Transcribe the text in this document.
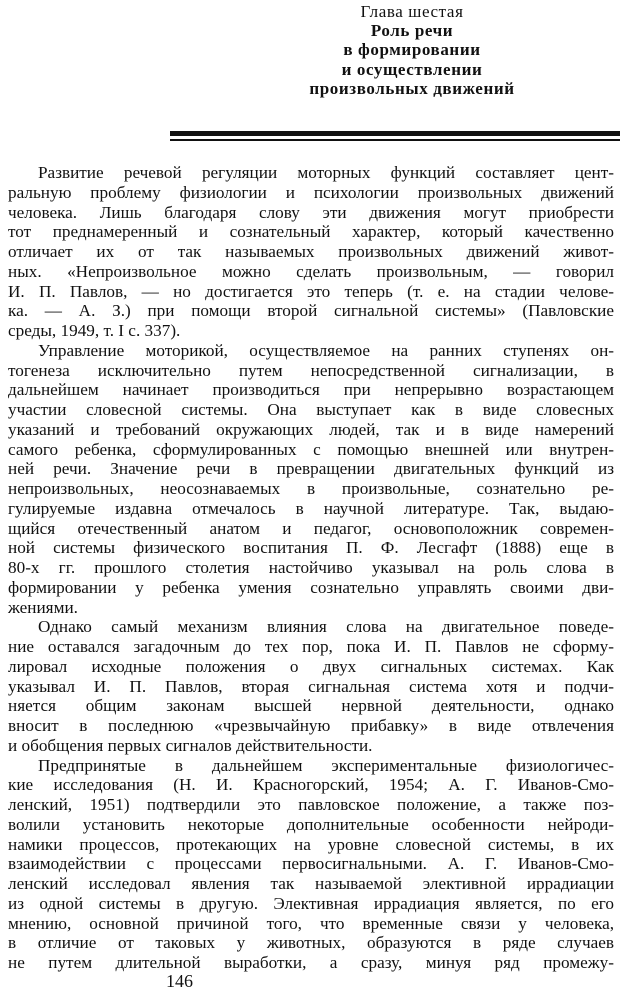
Глава шестая
Роль речи
в формировании
и осуществлении
произвольных движений
Развитие речевой регуляции моторных функций составляет цент-
ральную проблему физиологии и психологии произвольных движений
человека. Лишь благодаря слову эти движения могут приобрести
тот преднамеренный и сознательный характер, который качественно
отличает их от так называемых произвольных движений живот-
ных. «Непроизвольное можно сделать произвольным, — говорил
И. П. Павлов, — но достигается это теперь (т. е. на стадии челове-
ка. — А. З.) при помощи второй сигнальной системы» (Павловские
среды, 1949, т. I с. 337).
Управление моторикой, осуществляемое на ранних ступенях он-
тогенеза исключительно путем непосредственной сигнализации, в
дальнейшем начинает производиться при непрерывно возрастающем
участии словесной системы. Она выступает как в виде словесных
указаний и требований окружающих людей, так и в виде намерений
самого ребенка, сформулированных с помощью внешней или внутрен-
ней речи. Значение речи в превращении двигательных функций из
непроизвольных, неосознаваемых в произвольные, сознательно ре-
гулируемые издавна отмечалось в научной литературе. Так, выдаю-
щийся отечественный анатом и педагог, основоположник современ-
ной системы физического воспитания П. Ф. Лесгафт (1888) еще в
80-х гг. прошлого столетия настойчиво указывал на роль слова в
формировании у ребенка умения сознательно управлять своими дви-
жениями.
Однако самый механизм влияния слова на двигательное поведе-
ние оставался загадочным до тех пор, пока И. П. Павлов не сформу-
лировал исходные положения о двух сигнальных системах. Как
указывал И. П. Павлов, вторая сигнальная система хотя и подчи-
няется общим законам высшей нервной деятельности, однако
вносит в последнюю «чрезвычайную прибавку» в виде отвлечения
и обобщения первых сигналов действительности.
Предпринятые в дальнейшем экспериментальные физиологичес-
кие исследования (Н. И. Красногорский, 1954; А. Г. Иванов-Смо-
ленский, 1951) подтвердили это павловское положение, а также поз-
волили установить некоторые дополнительные особенности нейроди-
намики процессов, протекающих на уровне словесной системы, в их
взаимодействии с процессами первосигнальными. А. Г. Иванов-Смо-
ленский исследовал явления так называемой элективной иррадиации
из одной системы в другую. Элективная иррадиация является, по его
мнению, основной причиной того, что временные связи у человека,
в отличие от таковых у животных, образуются в ряде случаев
не путем длительной выработки, а сразу, минуя ряд промежу-
146
